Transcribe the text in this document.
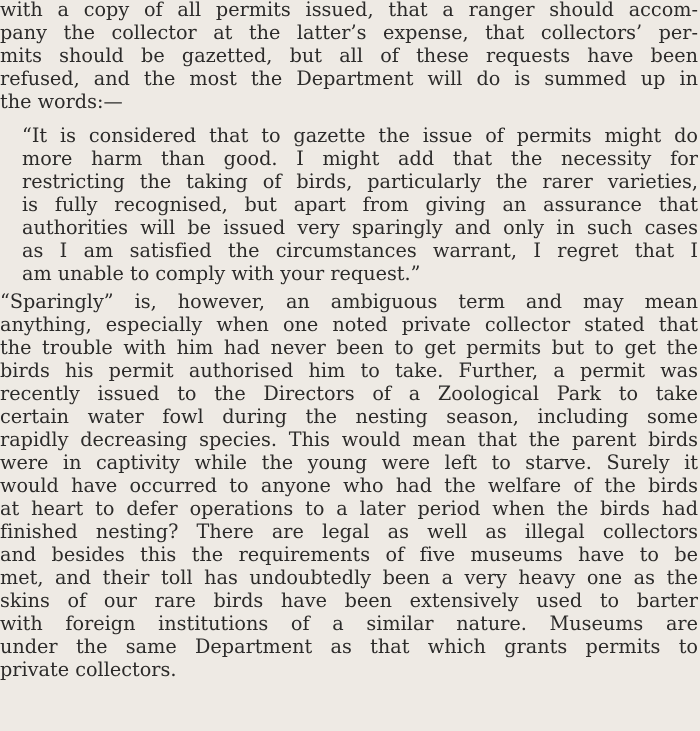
with a copy of all permits issued, that a ranger should accom-
pany the collector at the latter’s expense, that collectors’ per-
mits should be gazetted, but all of these requests have been
refused, and the most the Department will do is summed up in
the words:—
“It is considered that to gazette the issue of permits might do
more harm than good. I might add that the necessity for
restricting the taking of birds, particularly the rarer varieties,
is fully recognised, but apart from giving an assurance that
authorities will be issued very sparingly and only in such cases
as I am satisfied the circumstances warrant, I regret that I
am unable to comply with your request.”
“Sparingly” is, however, an ambiguous term and may mean
anything, especially when one noted private collector stated that
the trouble with him had never been to get permits but to get the
birds his permit authorised him to take. Further, a permit was
recently issued to the Directors of a Zoological Park to take
certain water fowl during the nesting season, including some
rapidly decreasing species. This would mean that the parent birds
were in captivity while the young were left to starve. Surely it
would have occurred to anyone who had the welfare of the birds
at heart to defer operations to a later period when the birds had
finished nesting? There are legal as well as illegal collectors
and besides this the requirements of five museums have to be
met, and their toll has undoubtedly been a very heavy one as the
skins of our rare birds have been extensively used to barter
with foreign institutions of a similar nature. Museums are
under the same Department as that which grants permits to
private collectors.
